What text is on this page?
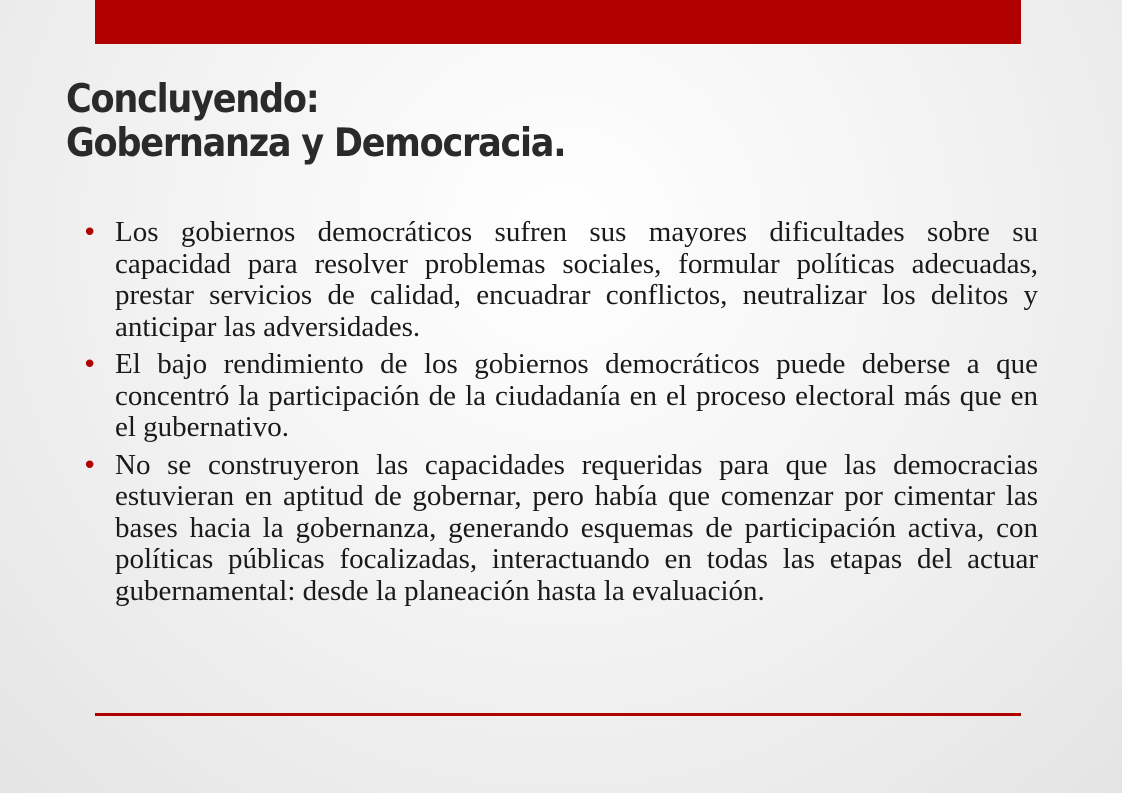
Concluyendo:
Gobernanza y Democracia.
• Los gobiernos democráticos sufren sus mayores dificultades sobre su capacidad para resolver problemas sociales, formular políticas adecuadas, prestar servicios de calidad, encuadrar conflictos, neutralizar los delitos y anticipar las adversidades.
• El bajo rendimiento de los gobiernos democráticos puede deberse a que concentró la participación de la ciudadanía en el proceso electoral más que en el gubernativo.
• No se construyeron las capacidades requeridas para que las democracias estuvieran en aptitud de gobernar, pero había que comenzar por cimentar las bases hacia la gobernanza, generando esquemas de participación activa, con políticas públicas focalizadas, interactuando en todas las etapas del actuar gubernamental: desde la planeación hasta la evaluación.
